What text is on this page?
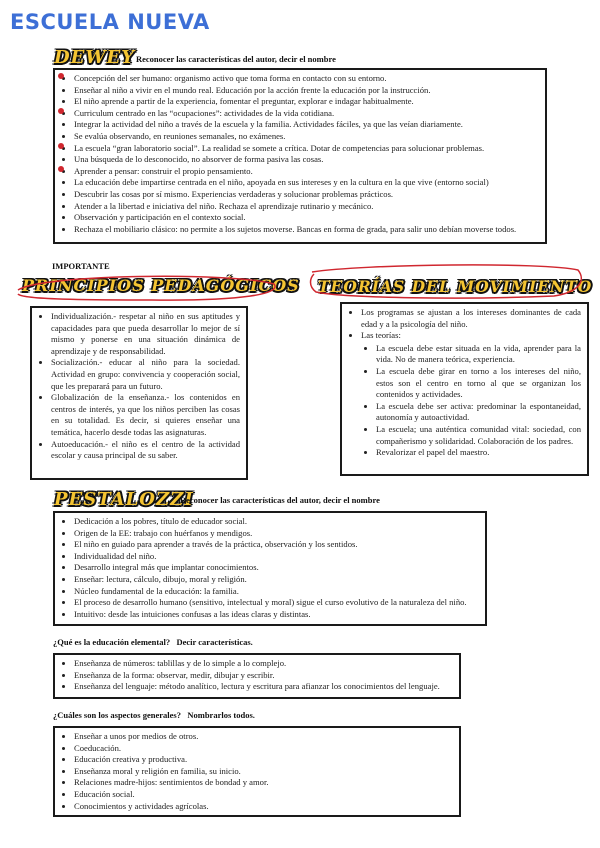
ESCUELA NUEVA
DEWEY Reconocer las características del autor, decir el nombre
• Concepción del ser humano: organismo activo que toma forma en contacto con su entorno.
• Enseñar al niño a vivir en el mundo real. Educación por la acción frente la educación por la instrucción.
• El niño aprende a partir de la experiencia, fomentar el preguntar, explorar e indagar habitualmente.
• Curriculum centrado en las “ocupaciones”: actividades de la vida cotidiana.
• Integrar la actividad del niño a través de la escuela y la familia. Actividades fáciles, ya que las veían diariamente.
• Se evalúa observando, en reuniones semanales, no exámenes.
• La escuela “gran laboratorio social”. La realidad se somete a crítica. Dotar de competencias para solucionar problemas.
• Una búsqueda de lo desconocido, no absorver de forma pasiva las cosas.
• Aprender a pensar: construir el propio pensamiento.
• La educación debe impartirse centrada en el niño, apoyada en sus intereses y en la cultura en la que vive (entorno social)
• Descubrir las cosas por sí mismo. Experiencias verdaderas y solucionar problemas prácticos.
• Atender a la libertad e iniciativa del niño. Rechaza el aprendizaje rutinario y mecánico.
• Observación y participación en el contexto social.
• Rechaza el mobiliario clásico: no permite a los sujetos moverse. Bancas en forma de grada, para salir uno debían moverse todos.
IMPORTANTE
PRINCIPIOS PEDAGÓGICOS
• Individualización.- respetar al niño en sus aptitudes y capacidades para que pueda desarrollar lo mejor de sí mismo y ponerse en una situación dinámica de aprendizaje y de responsabilidad.
• Socialización.- educar al niño para la sociedad. Actividad en grupo: convivencia y cooperación social, que les preparará para un futuro.
• Globalización de la enseñanza.- los contenidos en centros de interés, ya que los niños perciben las cosas en su totalidad. Es decir, si quieres enseñar una temática, hacerlo desde todas las asignaturas.
• Autoeducación.- el niño es el centro de la actividad escolar y causa principal de su saber.
TEORÍAS DEL MOVIMIENTO
• Los programas se ajustan a los intereses dominantes de cada edad y a la psicología del niño.
• Las teorías:
• La escuela debe estar situada en la vida, aprender para la vida. No de manera teórica, experiencia.
• La escuela debe girar en torno a los intereses del niño, estos son el centro en torno al que se organizan los contenidos y actividades.
• La escuela debe ser activa: predominar la espontaneidad, autonomía y autoactividad.
• La escuela; una auténtica comunidad vital: sociedad, con compañerismo y solidaridad. Colaboración de los padres.
• Revalorizar el papel del maestro.
PESTALOZZI
Reconocer las características del autor, decir el nombre
• Dedicación a los pobres, título de educador social.
• Origen de la EE: trabajo con huérfanos y mendigos.
• El niño en guiado para aprender a través de la práctica, observación y los sentidos.
• Individualidad del niño.
• Desarrollo integral más que implantar conocimientos.
• Enseñar: lectura, cálculo, dibujo, moral y religión.
• Núcleo fundamental de la educación: la familia.
• El proceso de desarrollo humano (sensitivo, intelectual y moral) sigue el curso evolutivo de la naturaleza del niño.
• Intuitivo: desde las intuiciones confusas a las ideas claras y distintas.
¿Qué es la educación elemental? Decir características.
• Enseñanza de números: tablillas y de lo simple a lo complejo.
• Enseñanza de la forma: observar, medir, dibujar y escribir.
• Enseñanza del lenguaje: método analítico, lectura y escritura para afianzar los conocimientos del lenguaje.
¿Cuáles son los aspectos generales? Nombrarlos todos.
• Enseñar a unos por medios de otros.
• Coeducación.
• Educación creativa y productiva.
• Enseñanza moral y religión en familia, su inicio.
• Relaciones madre-hijos: sentimientos de bondad y amor.
• Educación social.
• Conocimientos y actividades agrícolas.
